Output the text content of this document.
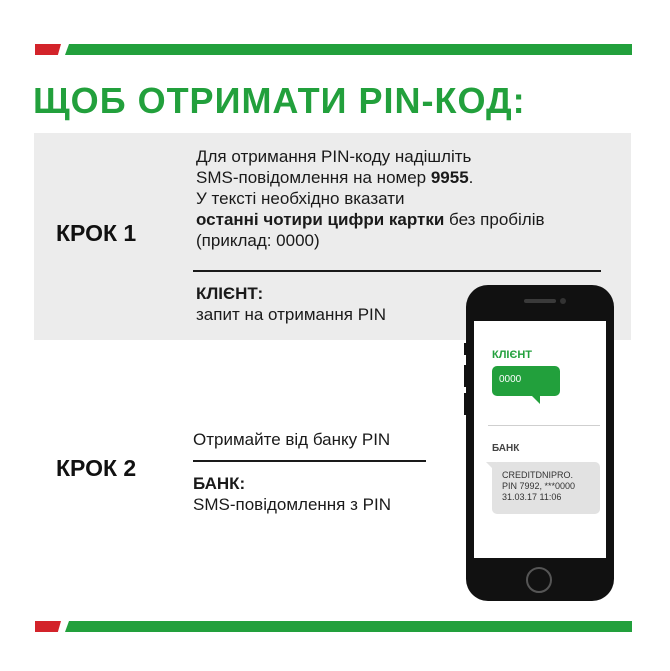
ЩОБ ОТРИМАТИ PIN-КОД:
КРОК 1
Для отримання PIN-коду надішліть
SMS-повідомлення на номер 9955.
У тексті необхідно вказати
останні чотири цифри картки без пробілів
(приклад: 0000)
КЛІЄНТ:
запит на отримання PIN
КРОК 2
Отримайте від банку PIN
БАНК:
SMS-повідомлення з PIN
КЛІЄНТ
0000
БАНК
CREDITDNIPRO.
PIN 7992, ***0000
31.03.17 11:06
